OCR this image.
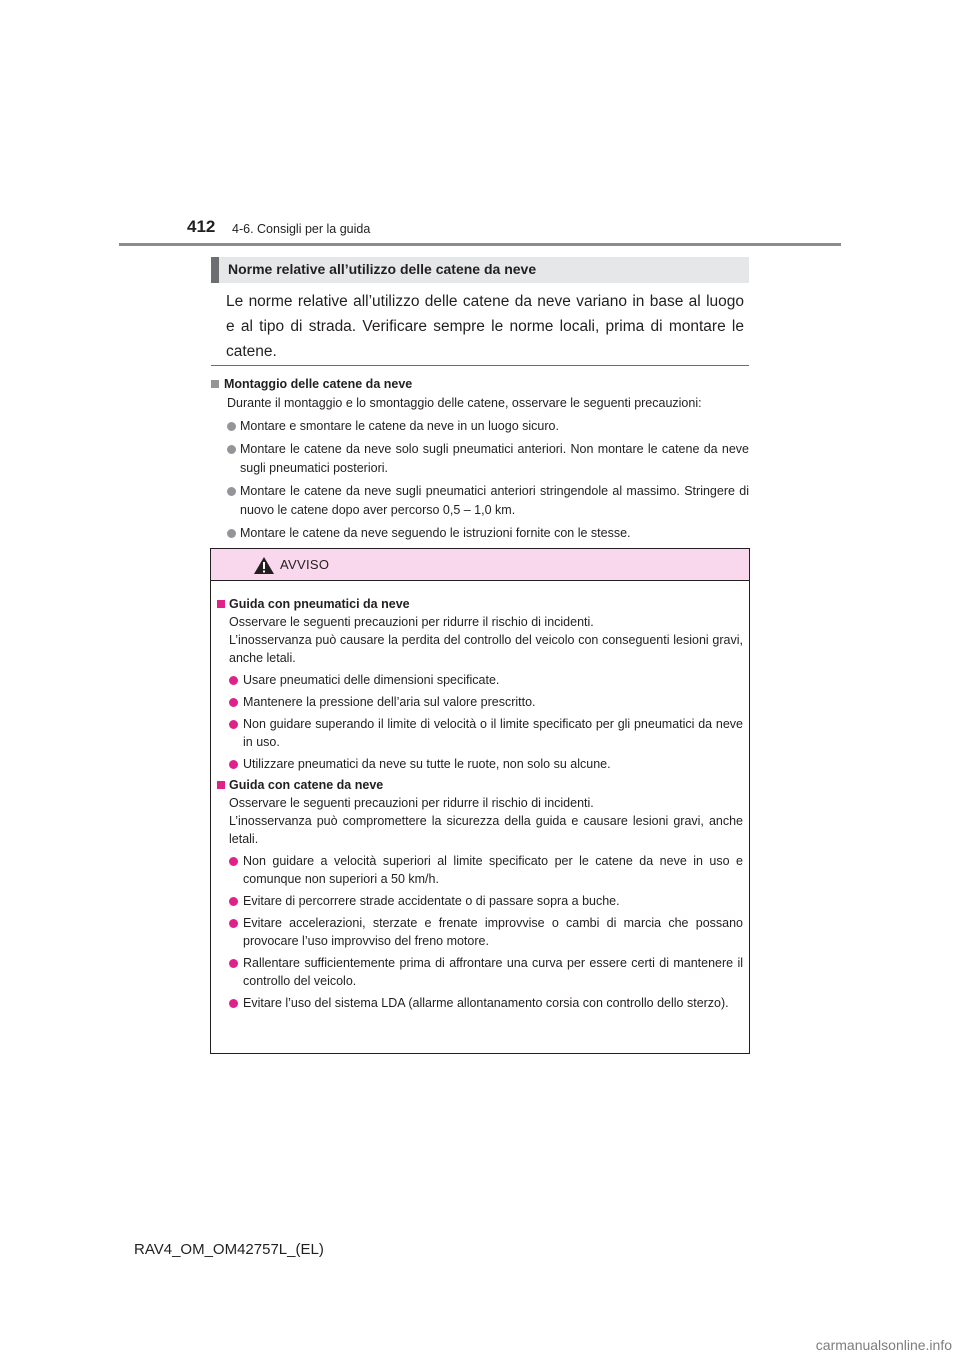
412 4-6. Consigli per la guida
Norme relative all’utilizzo delle catene da neve

Le norme relative all’utilizzo delle catene da neve variano in base al luogo e al tipo di strada. Verificare sempre le norme locali, prima di montare le catene.

Montaggio delle catene da neve

Durante il montaggio e lo smontaggio delle catene, osservare le seguenti precauzioni:

Montare e smontare le catene da neve in un luogo sicuro.
Montare le catene da neve solo sugli pneumatici anteriori. Non montare le catene da neve sugli pneumatici posteriori.
Montare le catene da neve sugli pneumatici anteriori stringendole al massimo. Stringere di nuovo le catene dopo aver percorso 0,5 – 1,0 km.
Montare le catene da neve seguendo le istruzioni fornite con le stesse.
AVVISO
Guida con pneumatici da neve

Osservare le seguenti precauzioni per ridurre il rischio di incidenti.

L’inosservanza può causare la perdita del controllo del veicolo con conseguenti lesioni gravi, anche letali.

Usare pneumatici delle dimensioni specificate.
Mantenere la pressione dell’aria sul valore prescritto.
Non guidare superando il limite di velocità o il limite specificato per gli pneumatici da neve in uso.
Utilizzare pneumatici da neve su tutte le ruote, non solo su alcune.
Guida con catene da neve

Osservare le seguenti precauzioni per ridurre il rischio di incidenti.

L’inosservanza può compromettere la sicurezza della guida e causare lesioni gravi, anche letali.

Non guidare a velocità superiori al limite specificato per le catene da neve in uso e comunque non superiori a 50 km/h.
Evitare di percorrere strade accidentate o di passare sopra a buche.
Evitare accelerazioni, sterzate e frenate improvvise o cambi di marcia che possano provocare l’uso improvviso del freno motore.
Rallentare sufficientemente prima di affrontare una curva per essere certi di mantenere il controllo del veicolo.
Evitare l’uso del sistema LDA (allarme allontanamento corsia con controllo dello sterzo).
RAV4_OM_OM42757L_(EL)
carmanualsonline.info
